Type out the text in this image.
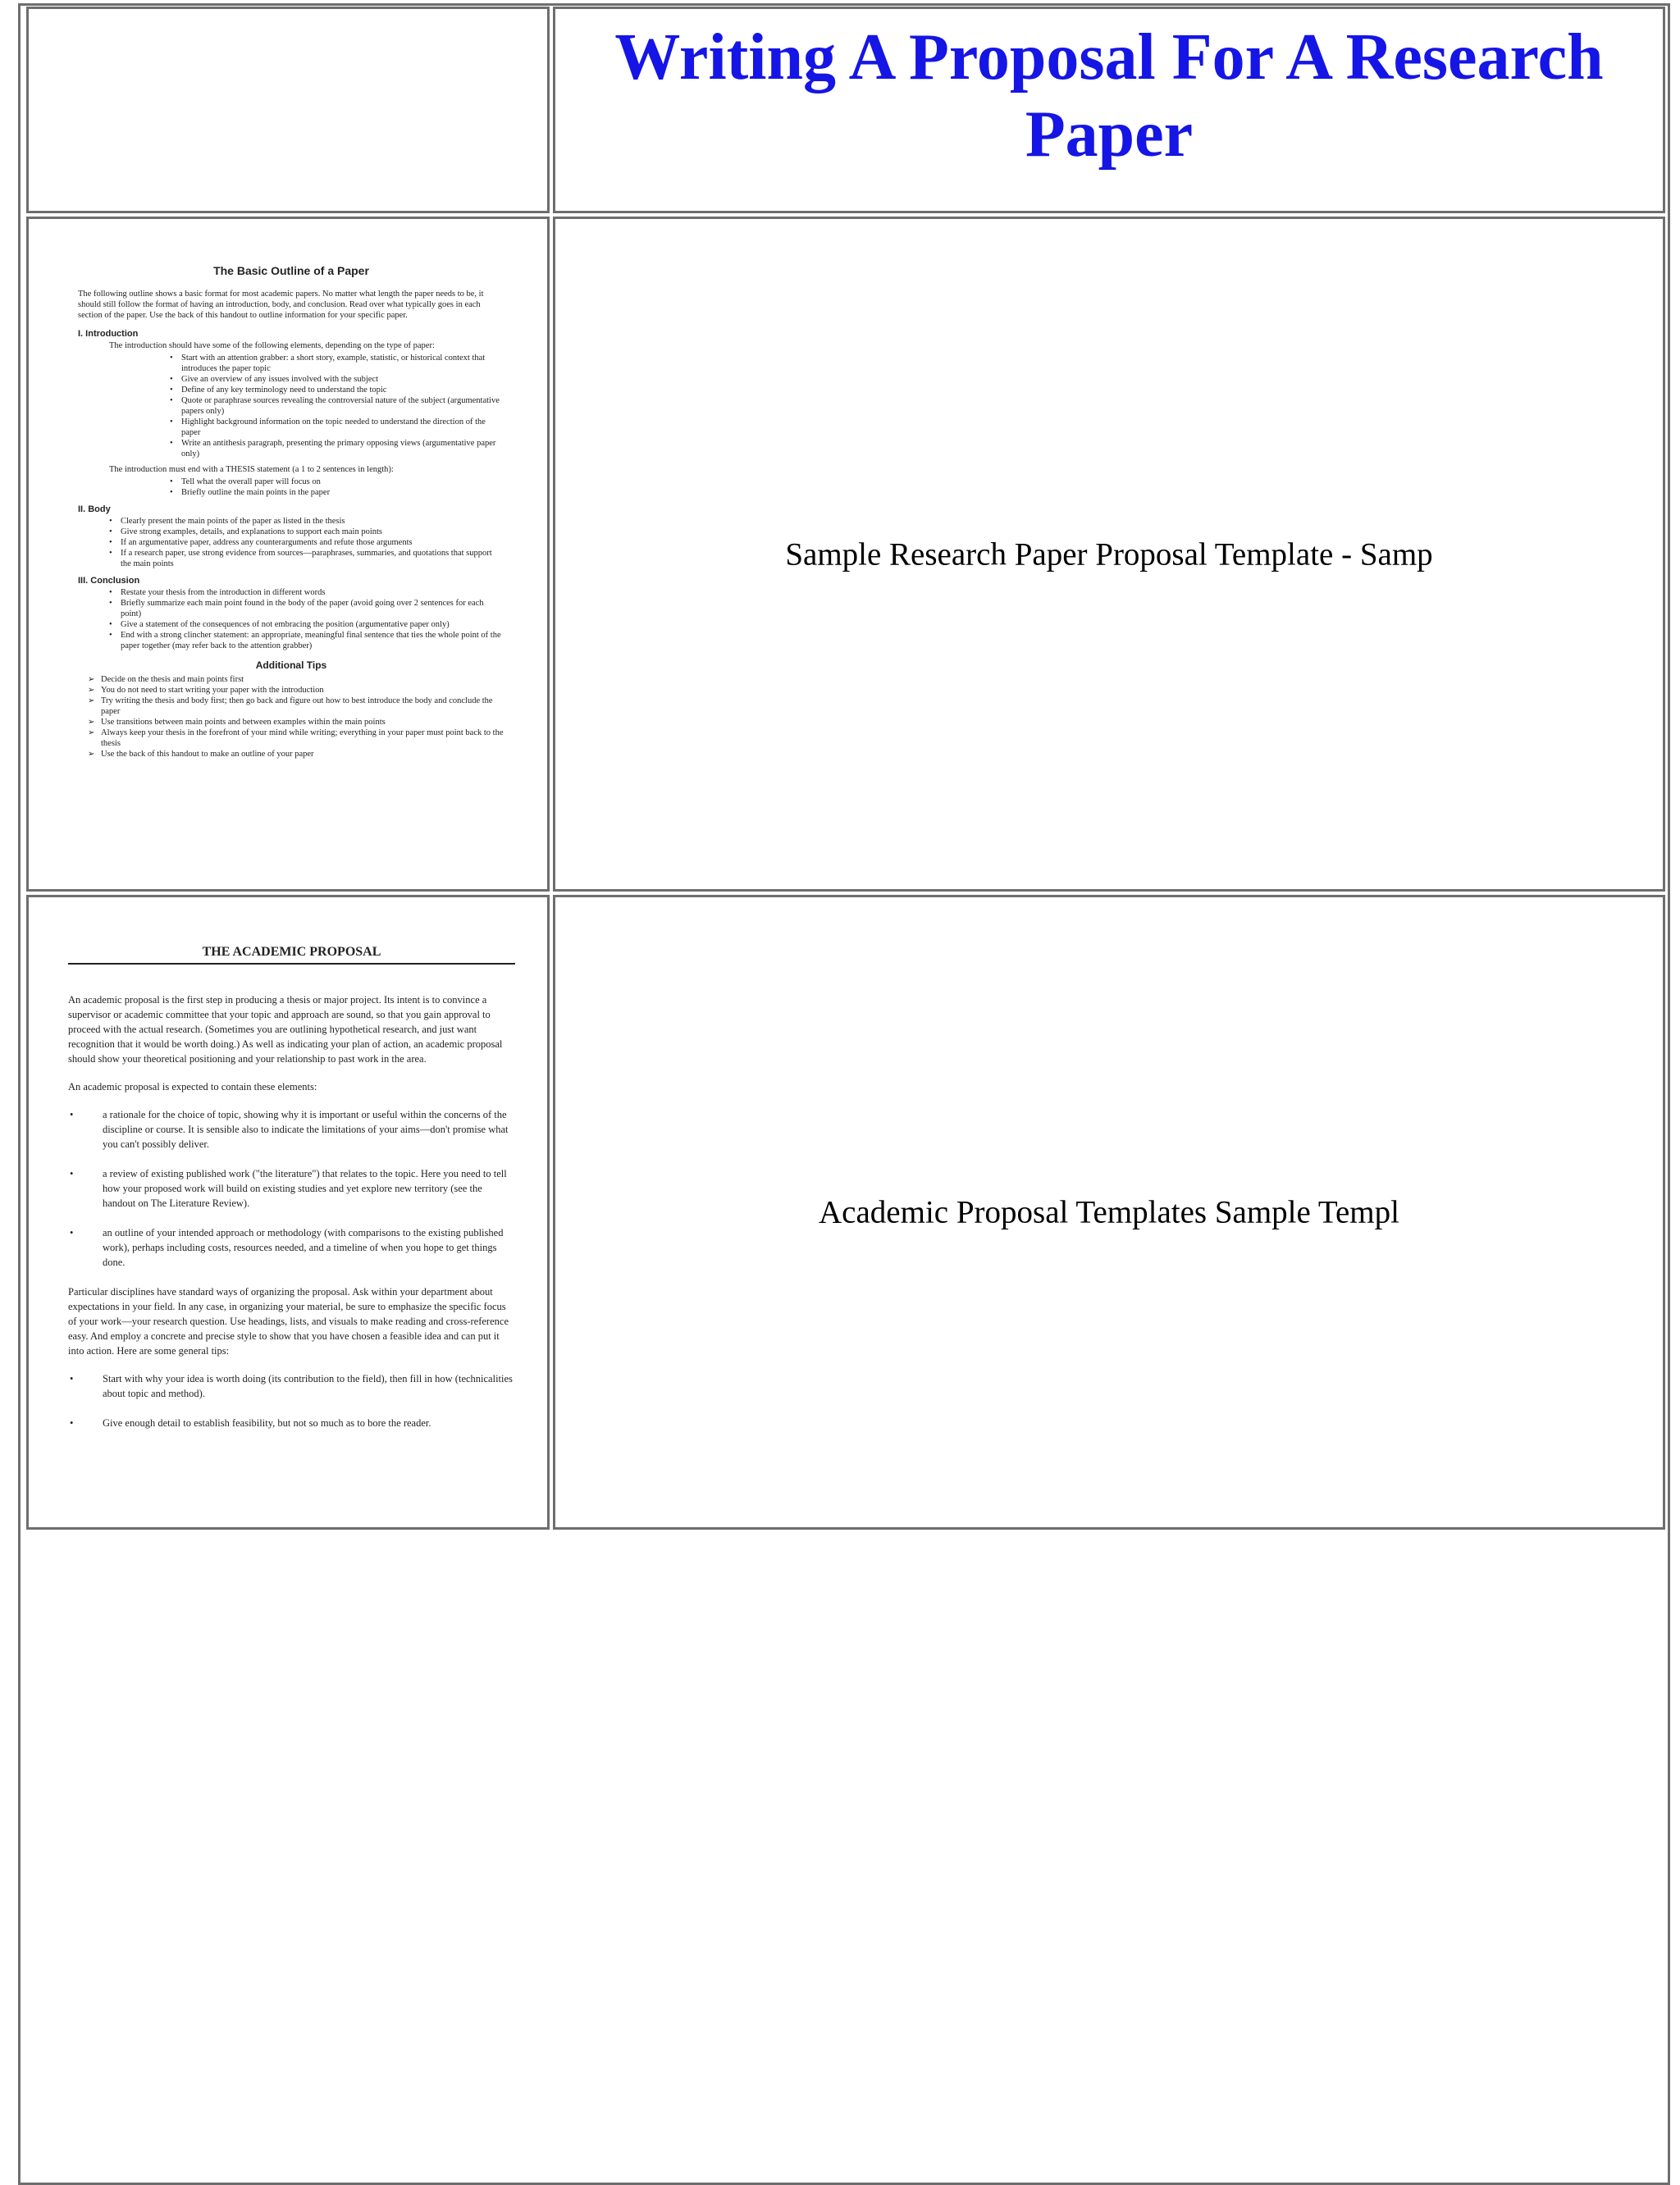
Writing A Proposal For A Research Paper
The Basic Outline of a Paper

The following outline shows a basic format for most academic papers. No matter what length the paper needs to be, it should still follow the format of having an introduction, body, and conclusion. Read over what typically goes in each section of the paper. Use the back of this handout to outline information for your specific paper.

I. Introduction

The introduction should have some of the following elements, depending on the type of paper:

• Start with an attention grabber: a short story, example, statistic, or historical context that introduces the paper topic
• Give an overview of any issues involved with the subject
• Define of any key terminology need to understand the topic
• Quote or paraphrase sources revealing the controversial nature of the subject (argumentative papers only)
• Highlight background information on the topic needed to understand the direction of the paper
• Write an antithesis paragraph, presenting the primary opposing views (argumentative paper only)

The introduction must end with a THESIS statement (a 1 to 2 sentences in length):

• Tell what the overall paper will focus on
• Briefly outline the main points in the paper
II. Body
• Clearly present the main points of the paper as listed in the thesis
• Give strong examples, details, and explanations to support each main points
• If an argumentative paper, address any counterarguments and refute those arguments
• If a research paper, use strong evidence from sources—paraphrases, summaries, and quotations that support the main points
III. Conclusion
• Restate your thesis from the introduction in different words
• Briefly summarize each main point found in the body of the paper (avoid going over 2 sentences for each point)
• Give a statement of the consequences of not embracing the position (argumentative paper only)
• End with a strong clincher statement: an appropriate, meaningful final sentence that ties the whole point of the paper together (may refer back to the attention grabber)
Additional Tips
➢ Decide on the thesis and main points first
➢ You do not need to start writing your paper with the introduction
➢ Try writing the thesis and body first; then go back and figure out how to best introduce the body and conclude the paper
➢ Use transitions between main points and between examples within the main points
➢ Always keep your thesis in the forefront of your mind while writing; everything in your paper must point back to the thesis
➢ Use the back of this handout to make an outline of your paper
Sample Research Paper Proposal Template - Samp
THE ACADEMIC PROPOSAL

An academic proposal is the first step in producing a thesis or major project. Its intent is to convince a supervisor or academic committee that your topic and approach are sound, so that you gain approval to proceed with the actual research. (Sometimes you are outlining hypothetical research, and just want recognition that it would be worth doing.) As well as indicating your plan of action, an academic proposal should show your theoretical positioning and your relationship to past work in the area.

An academic proposal is expected to contain these elements:

• a rationale for the choice of topic, showing why it is important or useful within the concerns of the discipline or course. It is sensible also to indicate the limitations of your aims—don't promise what you can't possibly deliver.
• a review of existing published work ("the literature") that relates to the topic. Here you need to tell how your proposed work will build on existing studies and yet explore new territory (see the handout on The Literature Review).
• an outline of your intended approach or methodology (with comparisons to the existing published work), perhaps including costs, resources needed, and a timeline of when you hope to get things done.

Particular disciplines have standard ways of organizing the proposal. Ask within your department about expectations in your field. In any case, in organizing your material, be sure to emphasize the specific focus of your work—your research question. Use headings, lists, and visuals to make reading and cross-reference easy. And employ a concrete and precise style to show that you have chosen a feasible idea and can put it into action. Here are some general tips:

• Start with why your idea is worth doing (its contribution to the field), then fill in how (technicalities about topic and method).
• Give enough detail to establish feasibility, but not so much as to bore the reader.
Academic Proposal Templates Sample Templ
